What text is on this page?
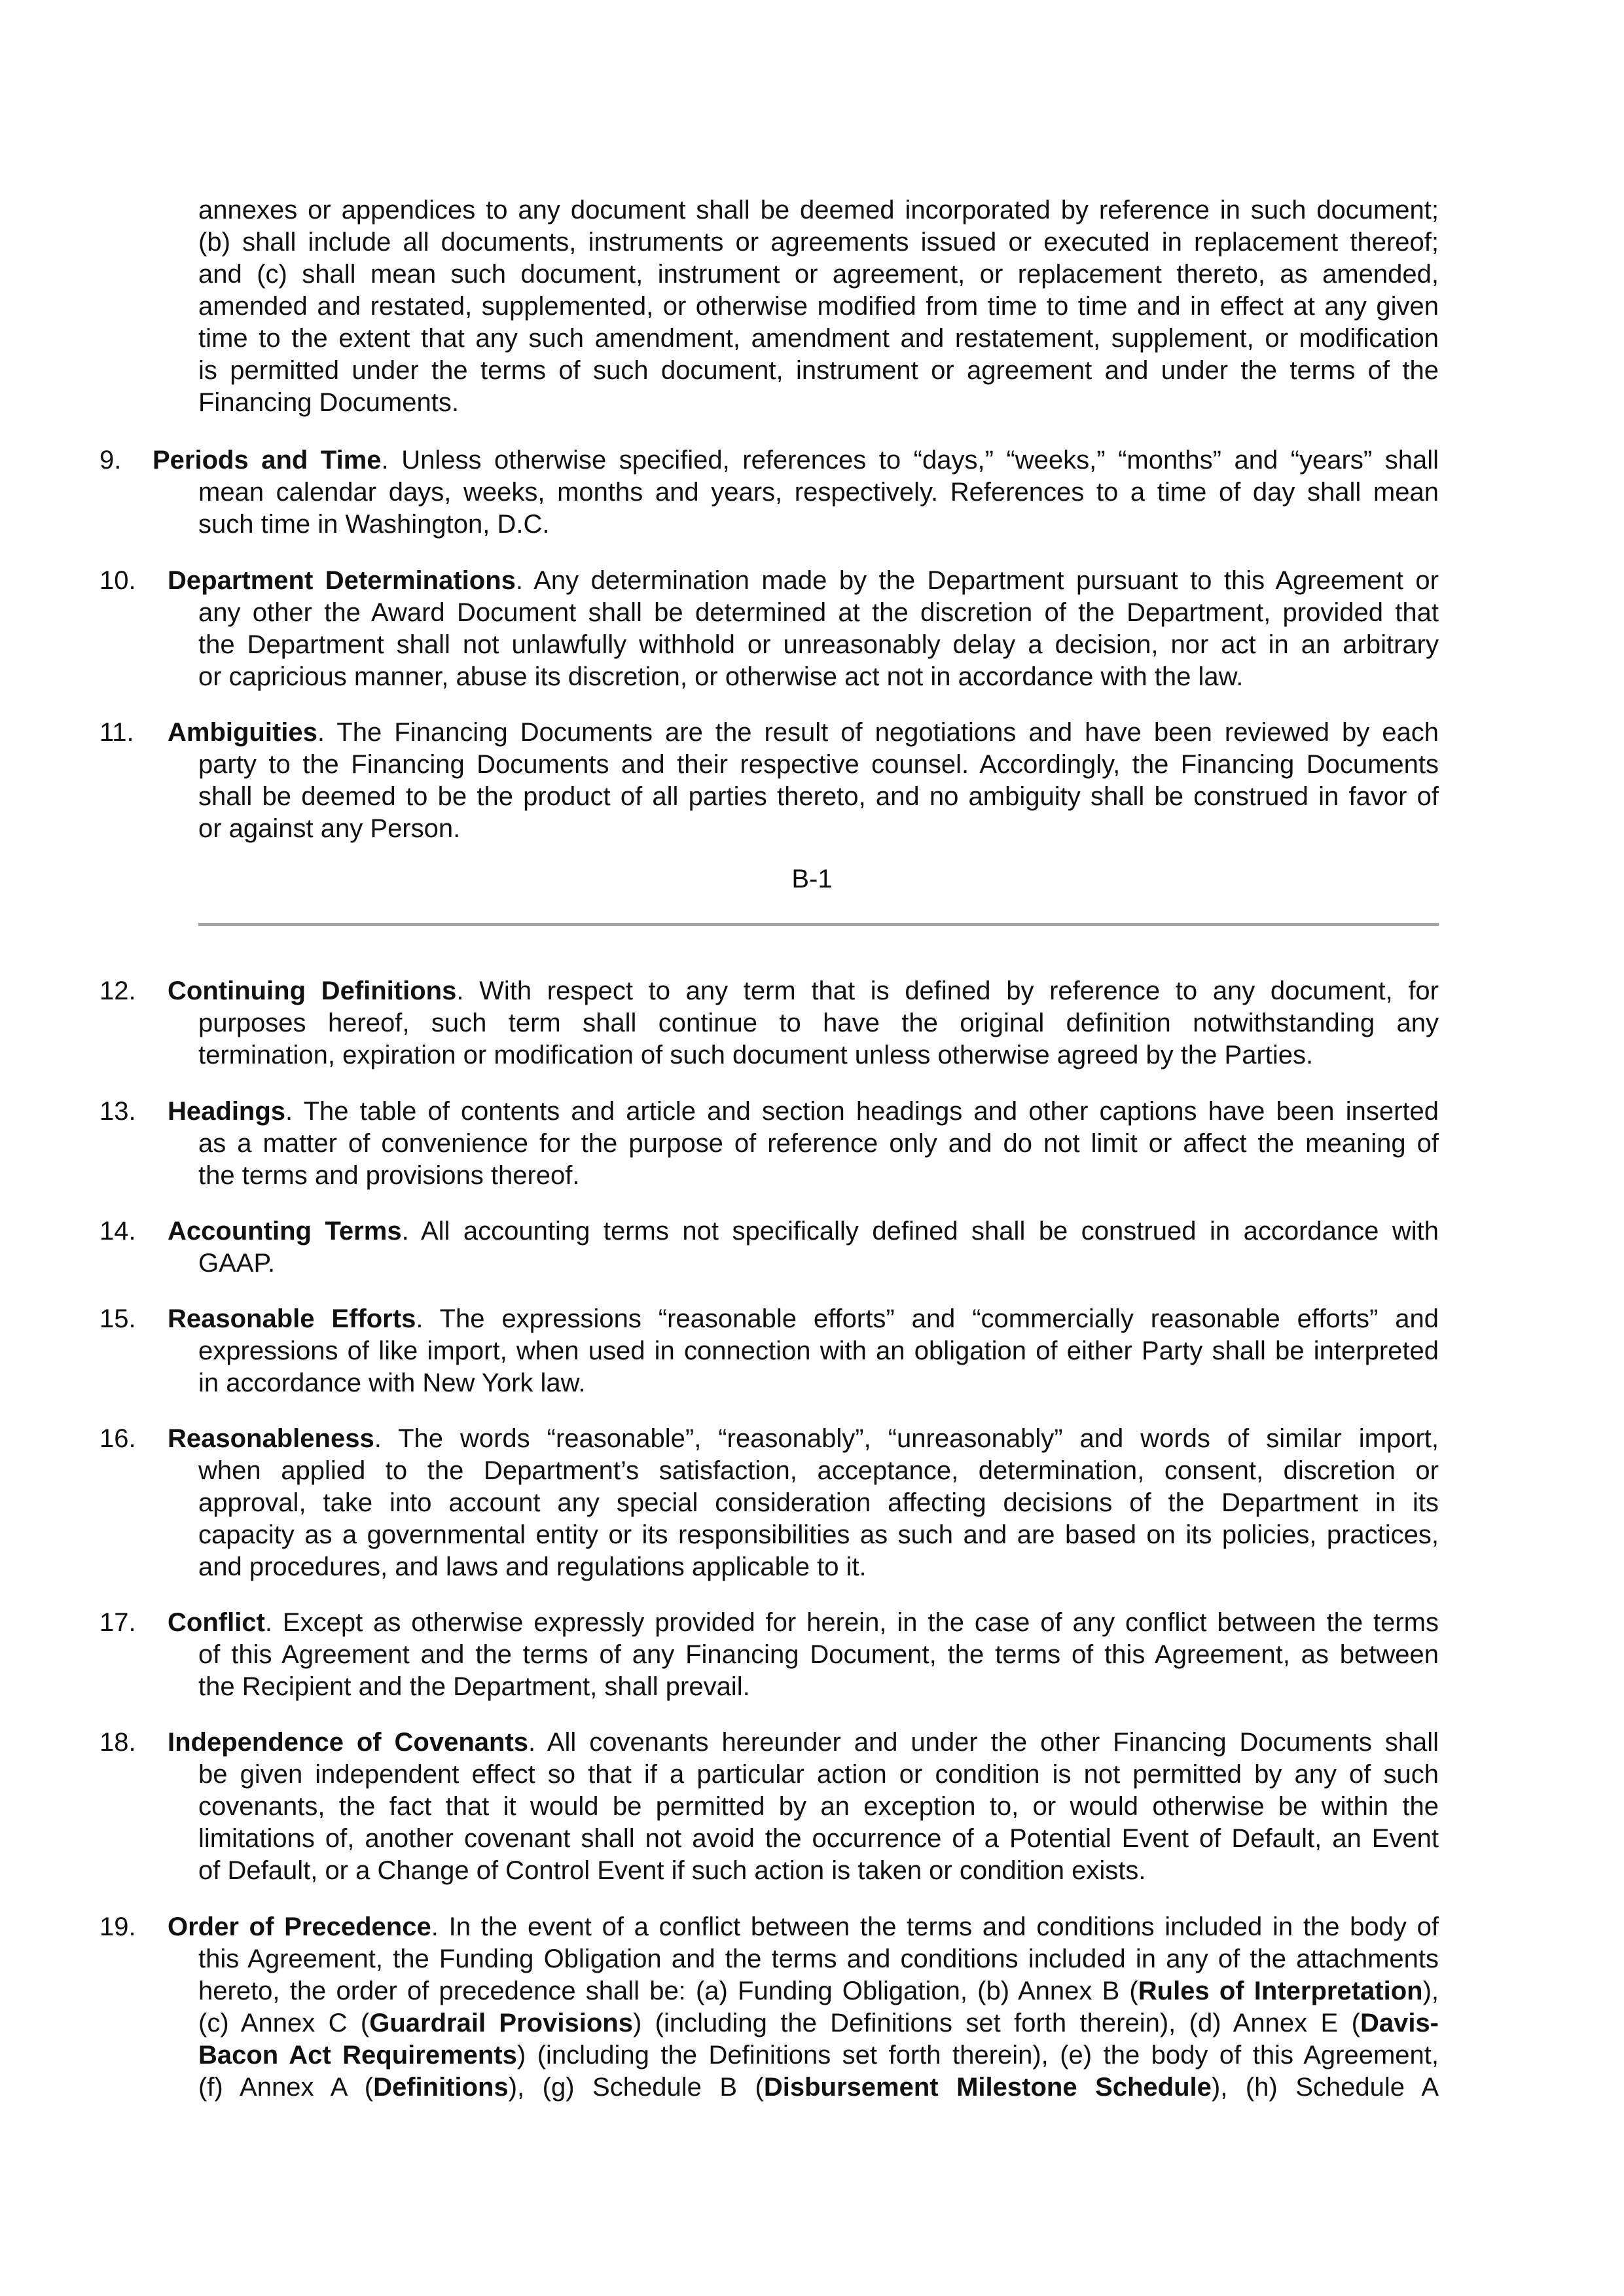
annexes or appendices to any document shall be deemed incorporated by reference in such document;
(b) shall include all documents, instruments or agreements issued or executed in replacement thereof;
and (c) shall mean such document, instrument or agreement, or replacement thereto, as amended,
amended and restated, supplemented, or otherwise modified from time to time and in effect at any given
time to the extent that any such amendment, amendment and restatement, supplement, or modification
is permitted under the terms of such document, instrument or agreement and under the terms of the
Financing Documents.
9. Periods and Time. Unless otherwise specified, references to “days,” “weeks,” “months” and “years” shall
mean calendar days, weeks, months and years, respectively. References to a time of day shall mean
such time in Washington, D.C.
10. Department Determinations. Any determination made by the Department pursuant to this Agreement or
any other the Award Document shall be determined at the discretion of the Department, provided that
the Department shall not unlawfully withhold or unreasonably delay a decision, nor act in an arbitrary
or capricious manner, abuse its discretion, or otherwise act not in accordance with the law.
11. Ambiguities. The Financing Documents are the result of negotiations and have been reviewed by each
party to the Financing Documents and their respective counsel. Accordingly, the Financing Documents
shall be deemed to be the product of all parties thereto, and no ambiguity shall be construed in favor of
or against any Person.
B-1
12. Continuing Definitions. With respect to any term that is defined by reference to any document, for
purposes hereof, such term shall continue to have the original definition notwithstanding any
termination, expiration or modification of such document unless otherwise agreed by the Parties.
13. Headings. The table of contents and article and section headings and other captions have been inserted
as a matter of convenience for the purpose of reference only and do not limit or affect the meaning of
the terms and provisions thereof.
14. Accounting Terms. All accounting terms not specifically defined shall be construed in accordance with
GAAP.
15. Reasonable Efforts. The expressions “reasonable efforts” and “commercially reasonable efforts” and
expressions of like import, when used in connection with an obligation of either Party shall be interpreted
in accordance with New York law.
16. Reasonableness. The words “reasonable”, “reasonably”, “unreasonably” and words of similar import,
when applied to the Department’s satisfaction, acceptance, determination, consent, discretion or
approval, take into account any special consideration affecting decisions of the Department in its
capacity as a governmental entity or its responsibilities as such and are based on its policies, practices,
and procedures, and laws and regulations applicable to it.
17. Conflict. Except as otherwise expressly provided for herein, in the case of any conflict between the terms
of this Agreement and the terms of any Financing Document, the terms of this Agreement, as between
the Recipient and the Department, shall prevail.
18. Independence of Covenants. All covenants hereunder and under the other Financing Documents shall
be given independent effect so that if a particular action or condition is not permitted by any of such
covenants, the fact that it would be permitted by an exception to, or would otherwise be within the
limitations of, another covenant shall not avoid the occurrence of a Potential Event of Default, an Event
of Default, or a Change of Control Event if such action is taken or condition exists.
19. Order of Precedence. In the event of a conflict between the terms and conditions included in the body of
this Agreement, the Funding Obligation and the terms and conditions included in any of the attachments
hereto, the order of precedence shall be: (a) Funding Obligation, (b) Annex B (Rules of Interpretation),
(c) Annex C (Guardrail Provisions) (including the Definitions set forth therein), (d) Annex E (Davis-
Bacon Act Requirements) (including the Definitions set forth therein), (e) the body of this Agreement,
(f) Annex A (Definitions), (g) Schedule B (Disbursement Milestone Schedule), (h) Schedule A
